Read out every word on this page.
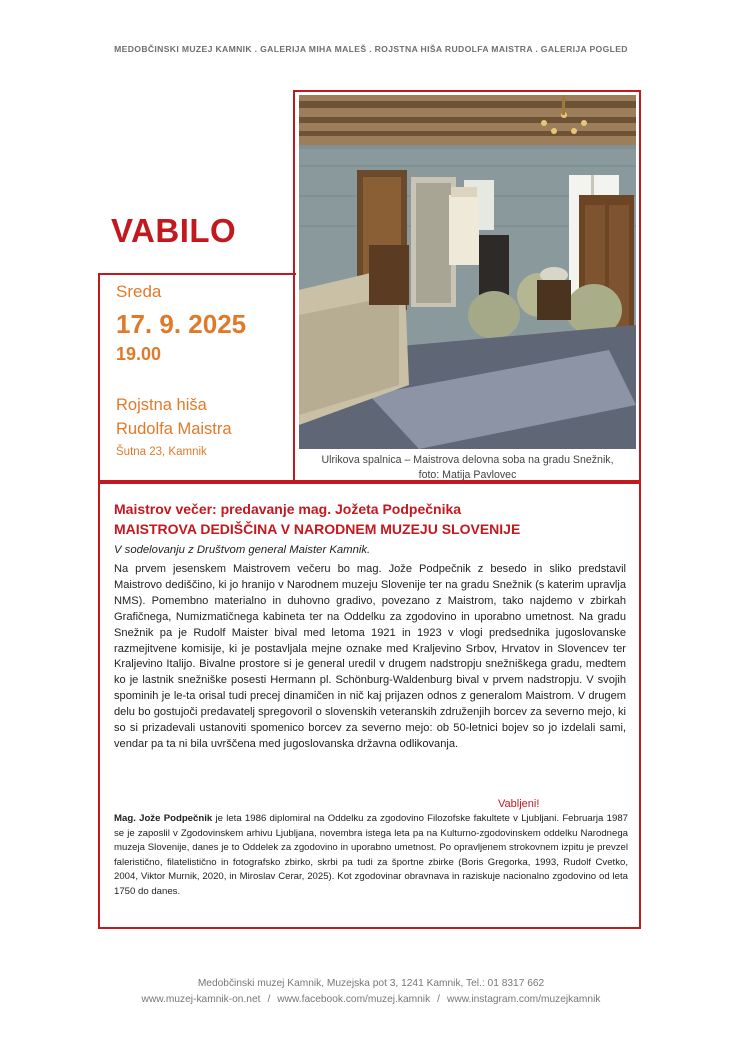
MEDOBČINSKI MUZEJ KAMNIK . GALERIJA MIHA MALEŠ . ROJSTNA HIŠA RUDOLFA MAISTRA . GALERIJA POGLED
VABILO
Ulrikova spalnica – Maistrova delovna soba na gradu Snežnik,
foto: Matija Pavlovec
Sreda
17. 9. 2025
19.00
Rojstna hiša
Rudolfa Maistra
Šutna 23, Kamnik
Maistrov večer: predavanje mag. Jožeta Podpečnika
MAISTROVA DEDIŠČINA V NARODNEM MUZEJU SLOVENIJE
V sodelovanju z Društvom general Maister Kamnik.
Na prvem jesenskem Maistrovem večeru bo mag. Jože Podpečnik z besedo in sliko predstavil Maistrovo dediščino, ki jo hranijo v Narodnem muzeju Slovenije ter na gradu Snežnik (s katerim upravlja NMS). Pomembno materialno in duhovno gradivo, povezano z Maistrom, tako najdemo v zbirkah Grafičnega, Numizmatičnega kabineta ter na Oddelku za zgodovino in uporabno umetnost. Na gradu Snežnik pa je Rudolf Maister bival med letoma 1921 in 1923 v vlogi predsednika jugoslovanske razmejitvene komisije, ki je postavljala mejne oznake med Kraljevino Srbov, Hrvatov in Slovencev ter Kraljevino Italijo. Bivalne prostore si je general uredil v drugem nadstropju snežniškega gradu, medtem ko je lastnik snežniške posesti Hermann pl. Schönburg-Waldenburg bival v prvem nadstropju. V svojih spominih je le-ta orisal tudi precej dinamičen in nič kaj prijazen odnos z generalom Maistrom. V drugem delu bo gostujoči predavatelj spregovoril o slovenskih veteranskih združenjih borcev za severno mejo, ki so si prizadevali ustanoviti spomenico borcev za severno mejo: ob 50-letnici bojev so jo izdelali sami, vendar pa ta ni bila uvrščena med jugoslovanska državna odlikovanja.
Vabljeni!
Mag. Jože Podpečnik je leta 1986 diplomiral na Oddelku za zgodovino Filozofske fakultete v Ljubljani. Februarja 1987 se je zaposlil v Zgodovinskem arhivu Ljubljana, novembra istega leta pa na Kulturno-zgodovinskem oddelku Narodnega muzeja Slovenije, danes je to Oddelek za zgodovino in uporabno umetnost. Po opravljenem strokovnem izpitu je prevzel faleristično, filatelistično in fotografsko zbirko, skrbi pa tudi za športne zbirke (Boris Gregorka, 1993, Rudolf Cvetko, 2004, Viktor Murnik, 2020, in Miroslav Cerar, 2025). Kot zgodovinar obravnava in raziskuje nacionalno zgodovino od leta 1750 do danes.
Medobčinski muzej Kamnik, Muzejska pot 3, 1241 Kamnik, Tel.: 01 8317 662
www.muzej-kamnik-on.net / www.facebook.com/muzej.kamnik / www.instagram.com/muzejkamnik
